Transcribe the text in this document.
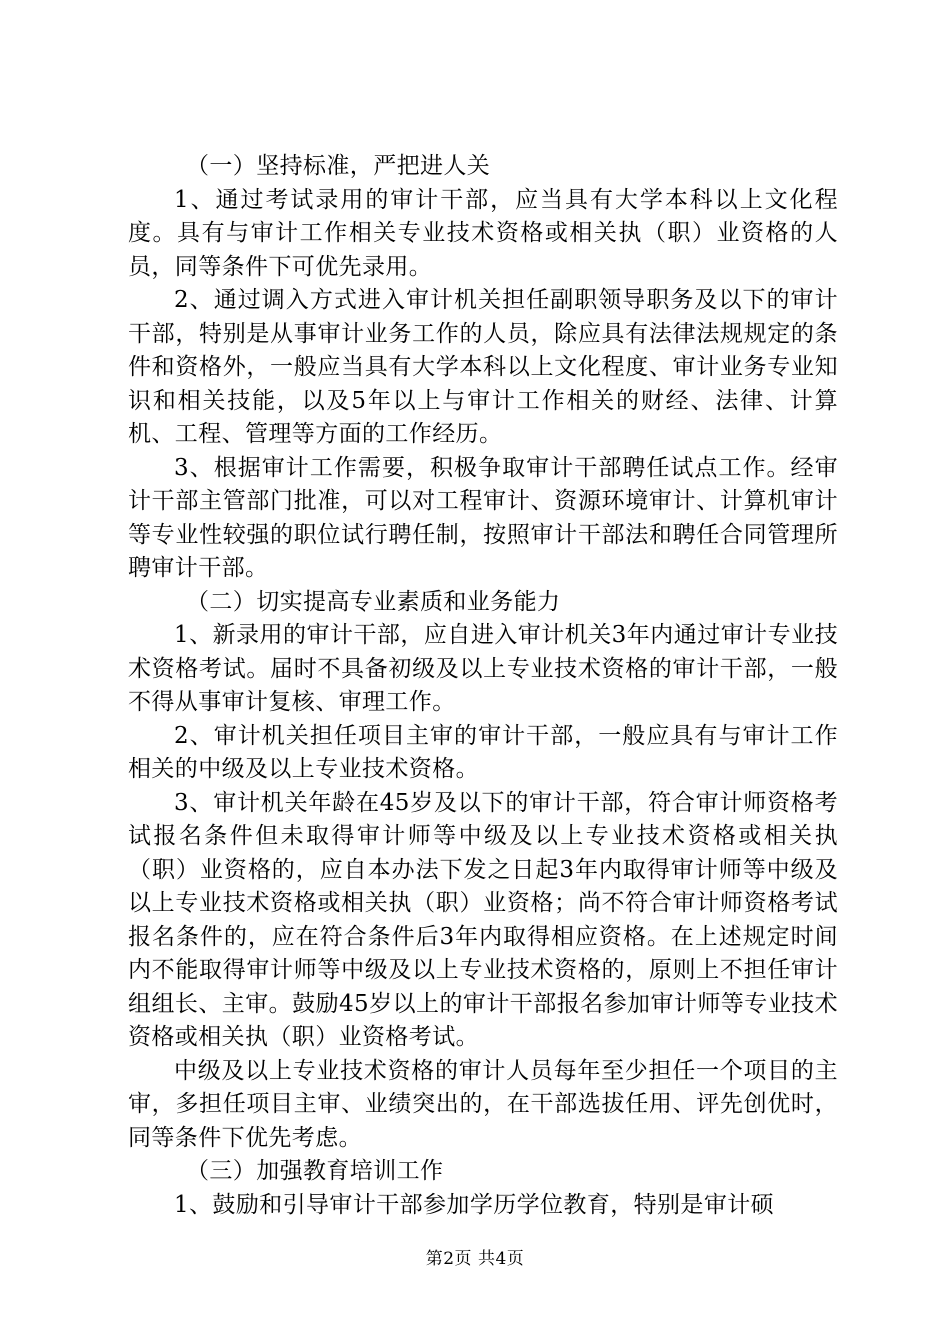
（一）坚持标准，严把进人关

1、通过考试录用的审计干部，应当具有大学本科以上文化程度。具有与审计工作相关专业技术资格或相关执（职）业资格的人员，同等条件下可优先录用。

2、通过调入方式进入审计机关担任副职领导职务及以下的审计干部，特别是从事审计业务工作的人员，除应具有法律法规规定的条件和资格外，一般应当具有大学本科以上文化程度、审计业务专业知识和相关技能，以及5年以上与审计工作相关的财经、法律、计算机、工程、管理等方面的工作经历。

3、根据审计工作需要，积极争取审计干部聘任试点工作。经审计干部主管部门批准，可以对工程审计、资源环境审计、计算机审计等专业性较强的职位试行聘任制，按照审计干部法和聘任合同管理所聘审计干部。

（二）切实提高专业素质和业务能力

1、新录用的审计干部，应自进入审计机关3年内通过审计专业技术资格考试。届时不具备初级及以上专业技术资格的审计干部，一般不得从事审计复核、审理工作。

2、审计机关担任项目主审的审计干部，一般应具有与审计工作相关的中级及以上专业技术资格。

3、审计机关年龄在45岁及以下的审计干部，符合审计师资格考试报名条件但未取得审计师等中级及以上专业技术资格或相关执（职）业资格的，应自本办法下发之日起3年内取得审计师等中级及以上专业技术资格或相关执（职）业资格；尚不符合审计师资格考试报名条件的，应在符合条件后3年内取得相应资格。在上述规定时间内不能取得审计师等中级及以上专业技术资格的，原则上不担任审计组组长、主审。鼓励45岁以上的审计干部报名参加审计师等专业技术资格或相关执（职）业资格考试。

中级及以上专业技术资格的审计人员每年至少担任一个项目的主审，多担任项目主审、业绩突出的，在干部选拔任用、评先创优时，同等条件下优先考虑。

（三）加强教育培训工作

1、鼓励和引导审计干部参加学历学位教育，特别是审计硕

第2页 共4页
